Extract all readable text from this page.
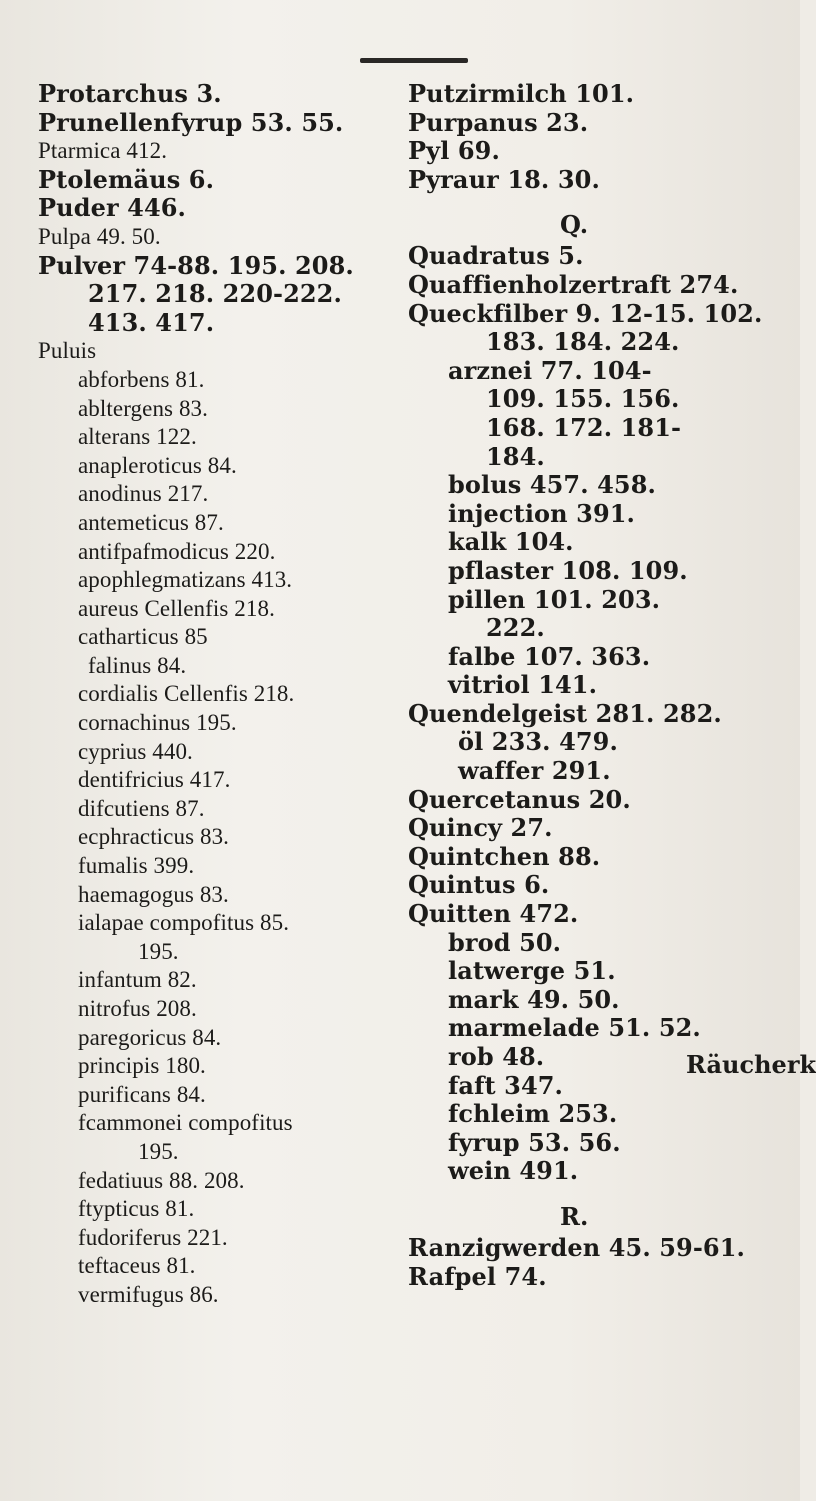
Protarchus 3.
Prunellenfyrup 53. 55.
Ptarmica 412.
Ptolemäus 6.
Puder 446.
Pulpa 49. 50.
Pulver 74-88. 195. 208.
217. 218. 220-222.
413. 417.
Puluis
abforbens 81.
abltergens 83.
alterans 122.
anapleroticus 84.
anodinus 217.
antemeticus 87.
antifpafmodicus 220.
apophlegmatizans 413.
aureus Cellenfis 218.
catharticus 85
falinus 84.
cordialis Cellenfis 218.
cornachinus 195.
cyprius 440.
dentifricius 417.
difcutiens 87.
ecphracticus 83.
fumalis 399.
haemagogus 83.
ialapae compofitus 85.
195.
infantum 82.
nitrofus 208.
paregoricus 84.
principis 180.
purificans 84.
fcammonei compofitus
195.
fedatiuus 88. 208.
ftypticus 81.
fudoriferus 221.
teftaceus 81.
vermifugus 86.
Putzirmilch 101.
Purpanus 23.
Pyl 69.
Pyraur 18. 30.
Q.
Quadratus 5.
Quaffienholzertraft 274.
Queckfilber 9. 12-15. 102.
183. 184. 224.
arznei 77. 104-
109. 155. 156.
168. 172. 181-
184.
bolus 457. 458.
injection 391.
kalk 104.
pflaster 108. 109.
pillen 101. 203.
222.
falbe 107. 363.
vitriol 141.
Quendelgeist 281. 282.
öl 233. 479.
waffer 291.
Quercetanus 20.
Quincy 27.
Quintchen 88.
Quintus 6.
Quitten 472.
brod 50.
latwerge 51.
mark 49. 50.
marmelade 51. 52.
rob 48.
faft 347.
fchleim 253.
fyrup 53. 56.
wein 491.
R.
Ranzigwerden 45. 59-61.
Rafpel 74.
Räucherk
